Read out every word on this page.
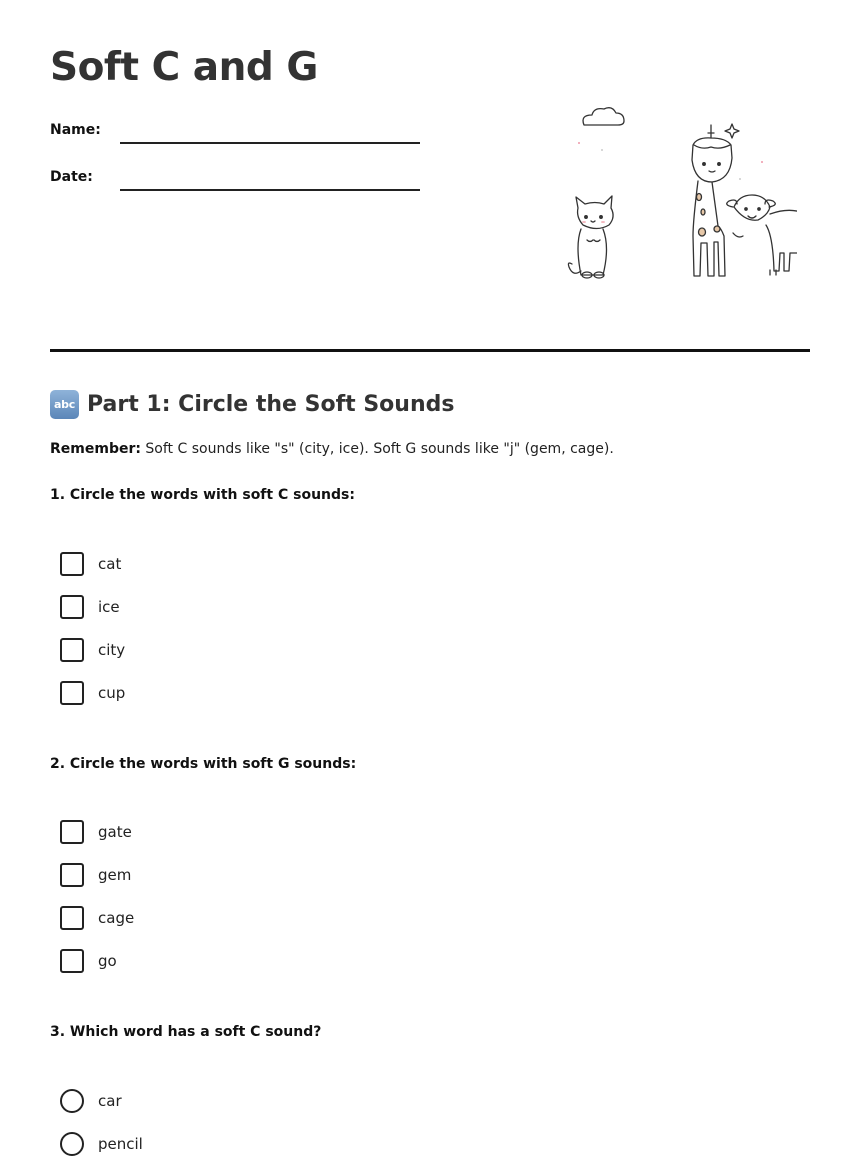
Soft C and G
Name:
Date:
abc Part 1: Circle the Soft Sounds
Remember: Soft C sounds like "s" (city, ice). Soft G sounds like "j" (gem, cage).
1. Circle the words with soft C sounds:
cat
ice
city
cup
2. Circle the words with soft G sounds:
gate
gem
cage
go
3. Which word has a soft C sound?
car
pencil
